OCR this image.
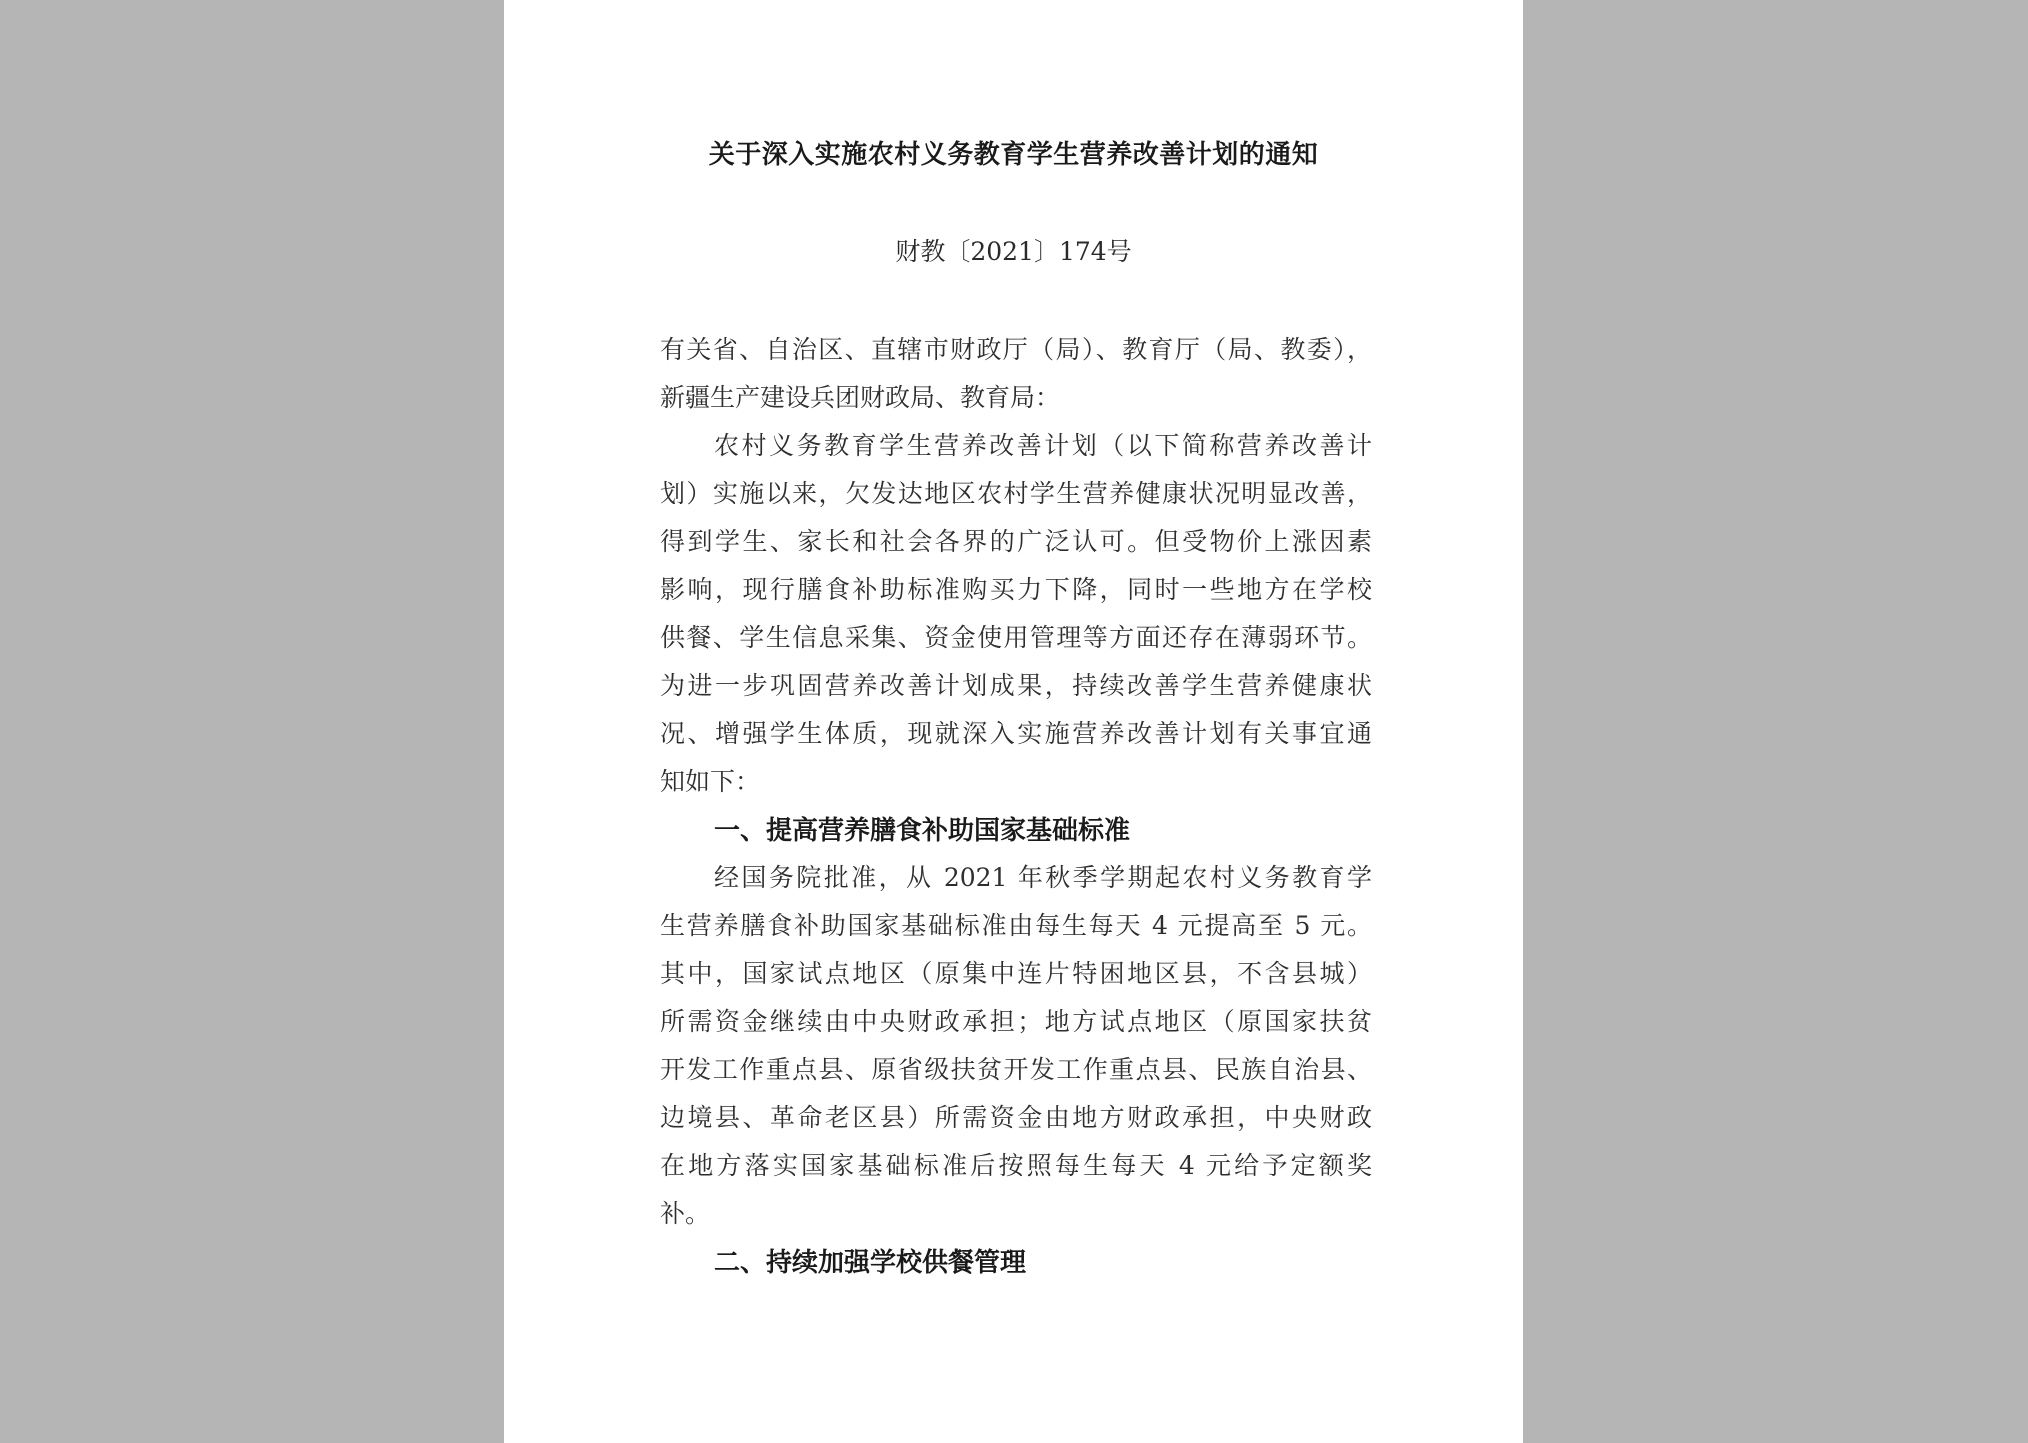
关于深入实施农村义务教育学生营养改善计划的通知
财教〔2021〕174号
有关省、自治区、直辖市财政厅（局）、教育厅（局、教委），
新疆生产建设兵团财政局、教育局：
农村义务教育学生营养改善计划（以下简称营养改善计
划）实施以来，欠发达地区农村学生营养健康状况明显改善，
得到学生、家长和社会各界的广泛认可。但受物价上涨因素
影响，现行膳食补助标准购买力下降，同时一些地方在学校
供餐、学生信息采集、资金使用管理等方面还存在薄弱环节。
为进一步巩固营养改善计划成果，持续改善学生营养健康状
况、增强学生体质，现就深入实施营养改善计划有关事宜通
知如下：
一、提高营养膳食补助国家基础标准
经国务院批准，从 2021 年秋季学期起农村义务教育学
生营养膳食补助国家基础标准由每生每天 4 元提高至 5 元。
其中，国家试点地区（原集中连片特困地区县，不含县城）
所需资金继续由中央财政承担；地方试点地区（原国家扶贫
开发工作重点县、原省级扶贫开发工作重点县、民族自治县、
边境县、革命老区县）所需资金由地方财政承担，中央财政
在地方落实国家基础标准后按照每生每天 4 元给予定额奖
补。
二、持续加强学校供餐管理
